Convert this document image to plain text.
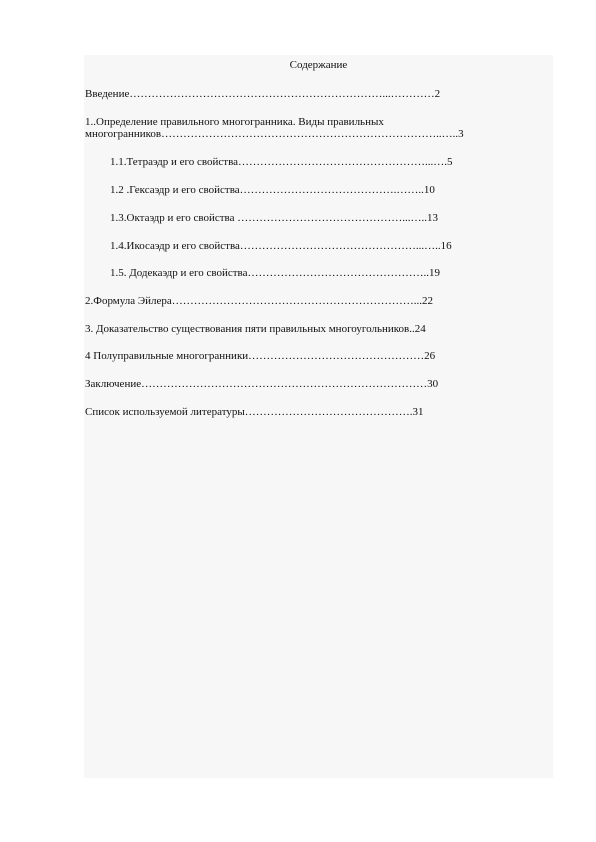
Содержание
Введение……………………………………………………………...…………2
1..Определение правильного многогранника. Виды правильных
многогранников…………………………………………………………………..…..3
1.1.Тетраэдр и его свойства……………………………………………...….5
1.2 .Гексаэдр и его свойства…………………………………….……..10
1.3.Октаэдр и его свойства ………………………………………...…..13
1.4.Икосаэдр и его свойства…………………………………………...…..16
1.5. Додекаэдр и его свойства…………………………………………..19
2.Формула Эйлера…………………………………………………………...22
3. Доказательство существования пяти правильных многоугольников..24
4 Полуправильные многогранники…………………………………………26
Заключение……………………………………………………………………30
Список используемой литературы……………………………………….31
